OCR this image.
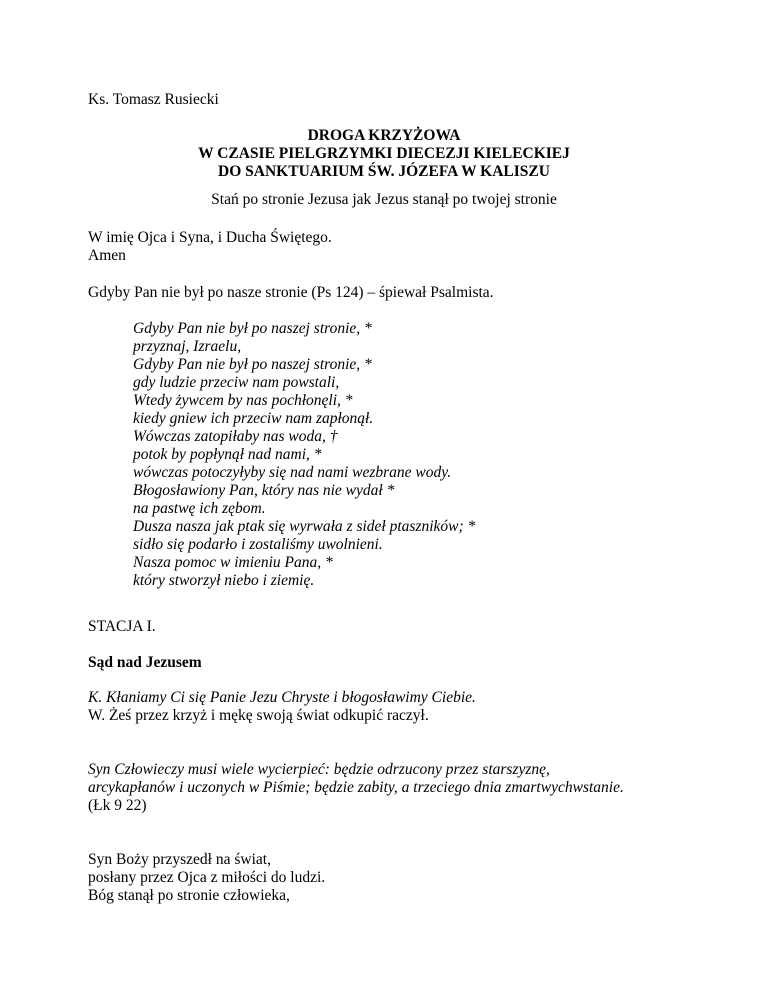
Ks. Tomasz Rusiecki
DROGA KRZYŻOWA
W CZASIE PIELGRZYMKI DIECEZJI KIELECKIEJ
DO SANKTUARIUM ŚW. JÓZEFA W KALISZU
Stań po stronie Jezusa jak Jezus stanął po twojej stronie
W imię Ojca i Syna, i Ducha Świętego.
Amen
Gdyby Pan nie był po nasze stronie (Ps 124) – śpiewał Psalmista.
Gdyby Pan nie był po naszej stronie, *
przyznaj, Izraelu,
Gdyby Pan nie był po naszej stronie, *
gdy ludzie przeciw nam powstali,
Wtedy żywcem by nas pochłonęli, *
kiedy gniew ich przeciw nam zapłonął.
Wówczas zatopiłaby nas woda, †
potok by popłynął nad nami, *
wówczas potoczyłyby się nad nami wezbrane wody.
Błogosławiony Pan, który nas nie wydał *
na pastwę ich zębom.
Dusza nasza jak ptak się wyrwała z sideł ptaszników; *
sidło się podarło i zostaliśmy uwolnieni.
Nasza pomoc w imieniu Pana, *
który stworzył niebo i ziemię.
STACJA I.
Sąd nad Jezusem
K. Kłaniamy Ci się Panie Jezu Chryste i błogosławimy Ciebie.
W. Żeś przez krzyż i mękę swoją świat odkupić raczył.
Syn Człowieczy musi wiele wycierpieć: będzie odrzucony przez starszyznę,
arcykapłanów i uczonych w Piśmie; będzie zabity, a trzeciego dnia zmartwychwstanie.
(Łk 9 22)
Syn Boży przyszedł na świat,
posłany przez Ojca z miłości do ludzi.
Bóg stanął po stronie człowieka,
